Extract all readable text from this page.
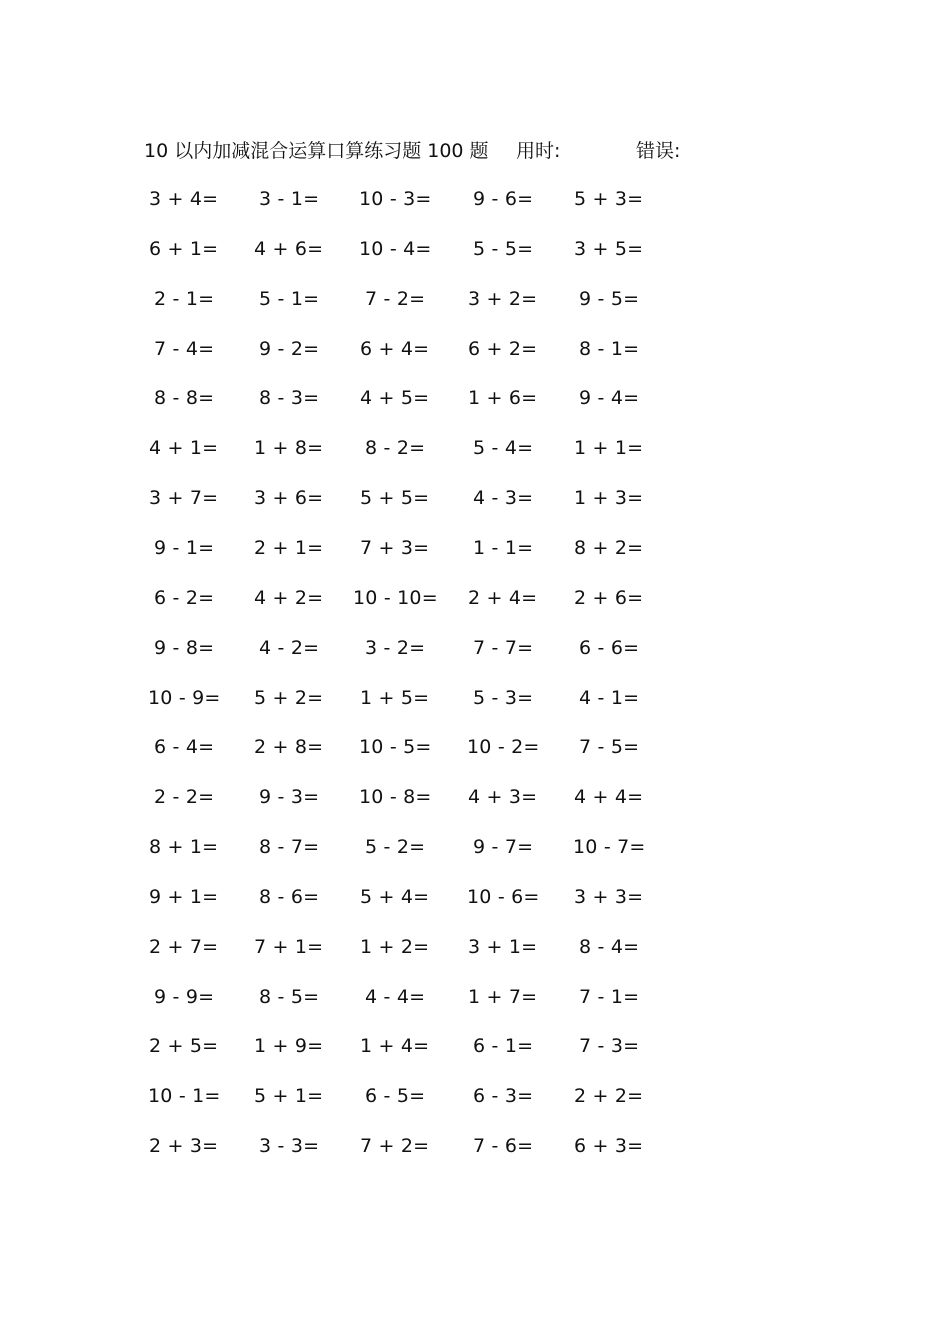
10 以内加减混合运算口算练习题 100 题 用时:	错误:
3 + 4= 3 - 1= 10 - 3= 9 - 6= 5 + 3=
6 + 1= 4 + 6= 10 - 4= 5 - 5= 3 + 5=
2 - 1= 5 - 1= 7 - 2= 3 + 2= 9 - 5=
7 - 4= 9 - 2= 6 + 4= 6 + 2= 8 - 1=
8 - 8= 8 - 3= 4 + 5= 1 + 6= 9 - 4=
4 + 1= 1 + 8= 8 - 2=	5 - 4= 1 + 1=
3 + 7= 3 + 6= 5 + 5= 4 - 3= 1 + 3=
9 - 1= 2 + 1= 7 + 3= 1 - 1= 8 + 2=
6 - 2= 4 + 2= 10 - 10= 2 + 4= 2 + 6=
9 - 8= 4 - 2= 3 - 2=	7 - 7= 6 - 6=
10 - 9= 5 + 2= 1 + 5= 5 - 3= 4 - 1=
6 - 4= 2 + 8= 10 - 5= 10 - 2= 7 - 5=
2 - 2= 9 - 3= 10 - 8= 4 + 3= 4 + 4=
8 + 1= 8 - 7= 5 - 2=	9 - 7= 10 - 7=
9 + 1= 8 - 6= 5 + 4= 10 - 6= 3 + 3=
2 + 7= 7 + 1= 1 + 2= 3 + 1= 8 - 4=
9 - 9= 8 - 5= 4 - 4= 1 + 7= 7 - 1=
2 + 5= 1 + 9= 1 + 4= 6 - 1= 7 - 3=
10 - 1= 5 + 1= 6 - 5=	6 - 3= 2 + 2=
2 + 3= 3 - 3= 7 + 2= 7 - 6= 6 + 3=
